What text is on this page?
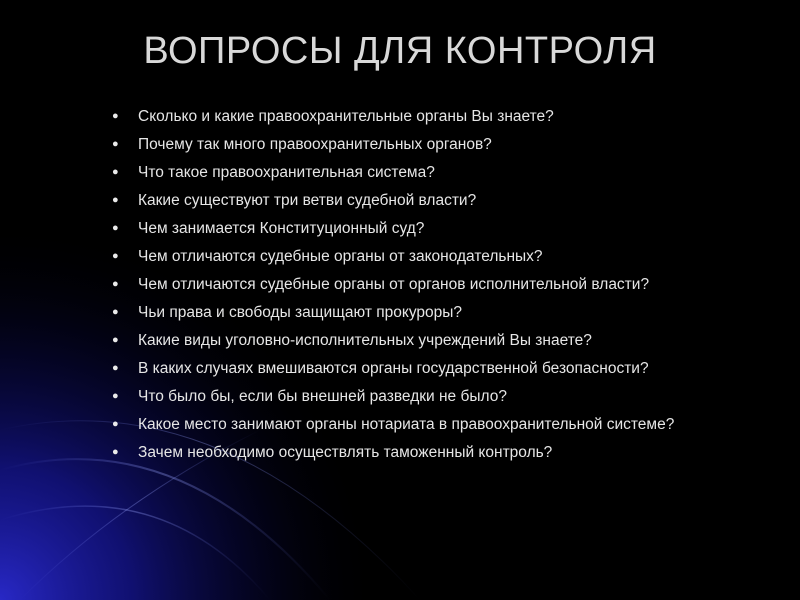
ВОПРОСЫ ДЛЯ КОНТРОЛЯ
●	Сколько и какие правоохранительные органы Вы знаете?
●	Почему так много правоохранительных органов?
●	Что такое правоохранительная система?
●	Какие существуют три ветви судебной власти?
●	Чем занимается Конституционный суд?
●	Чем отличаются судебные органы от законодательных?
●	Чем отличаются судебные органы от органов исполнительной власти?
●	Чьи права и свободы защищают прокуроры?
●	Какие виды уголовно-исполнительных учреждений Вы знаете?
●	В каких случаях вмешиваются органы государственной безопасности?
●	Что было бы, если бы внешней разведки не было?
●	Какое место занимают органы нотариата в правоохранительной системе?
●	Зачем необходимо осуществлять таможенный контроль?
